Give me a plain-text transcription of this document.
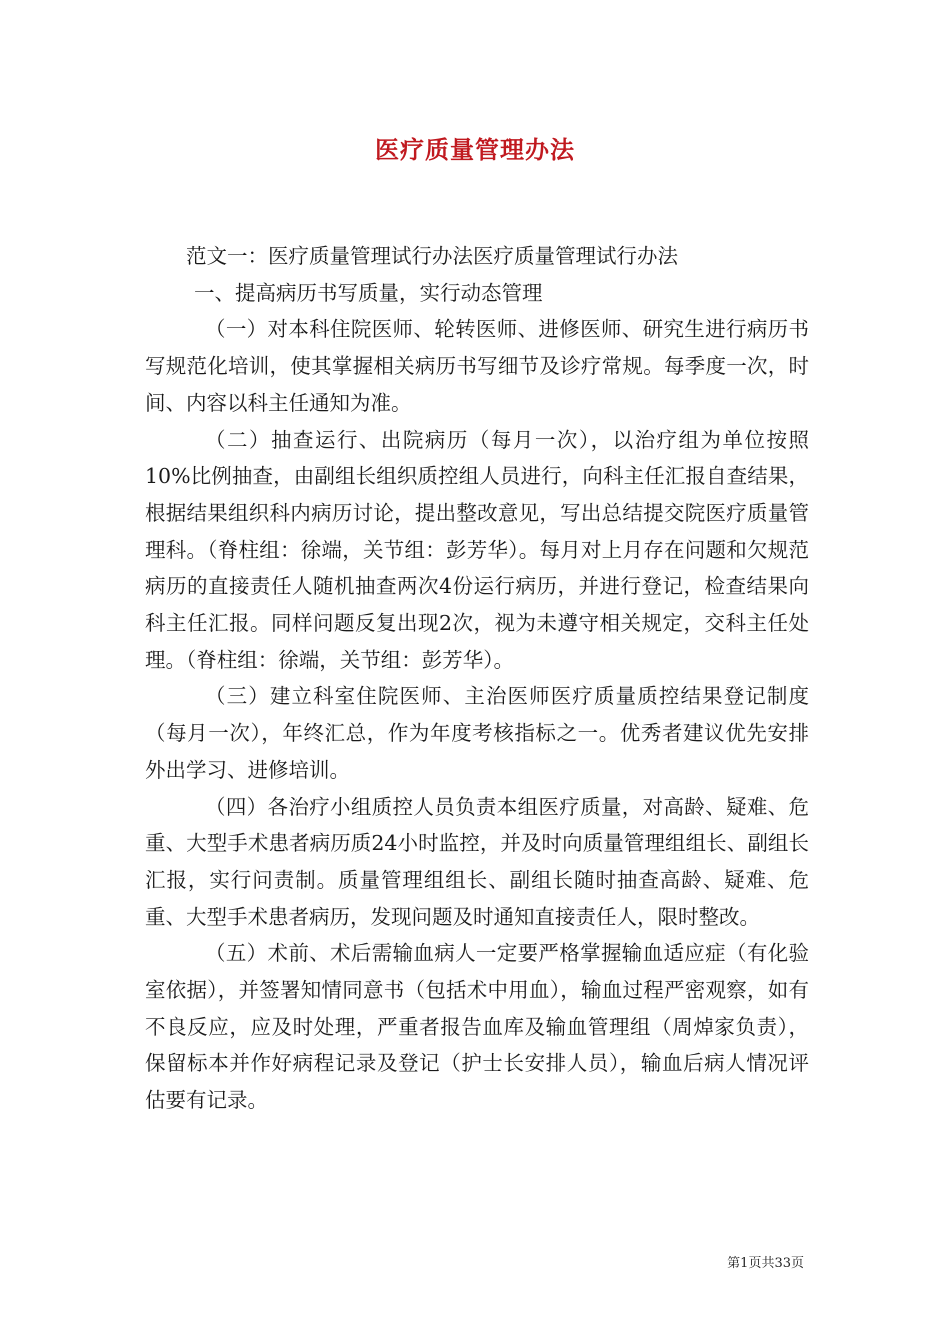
医疗质量管理办法

范文一：医疗质量管理试行办法医疗质量管理试行办法

一、提高病历书写质量，实行动态管理

（一）对本科住院医师、轮转医师、进修医师、研究生进行病历书写规范化培训，使其掌握相关病历书写细节及诊疗常规。每季度一次，时间、内容以科主任通知为准。

（二）抽查运行、出院病历（每月一次），以治疗组为单位按照10%比例抽查，由副组长组织质控组人员进行，向科主任汇报自查结果，根据结果组织科内病历讨论，提出整改意见，写出总结提交院医疗质量管理科。（脊柱组：徐端，关节组：彭芳华）。每月对上月存在问题和欠规范病历的直接责任人随机抽查两次4份运行病历，并进行登记，检查结果向科主任汇报。同样问题反复出现2次，视为未遵守相关规定，交科主任处理。（脊柱组：徐端，关节组：彭芳华）。

（三）建立科室住院医师、主治医师医疗质量质控结果登记制度（每月一次），年终汇总，作为年度考核指标之一。优秀者建议优先安排外出学习、进修培训。

（四）各治疗小组质控人员负责本组医疗质量，对高龄、疑难、危重、大型手术患者病历质24小时监控，并及时向质量管理组组长、副组长汇报，实行问责制。质量管理组组长、副组长随时抽查高龄、疑难、危重、大型手术患者病历，发现问题及时通知直接责任人，限时整改。

（五）术前、术后需输血病人一定要严格掌握输血适应症（有化验室依据），并签署知情同意书（包括术中用血），输血过程严密观察，如有不良反应，应及时处理，严重者报告血库及输血管理组（周焯家负责），保留标本并作好病程记录及登记（护士长安排人员），输血后病人情况评估要有记录。

第1页共33页
